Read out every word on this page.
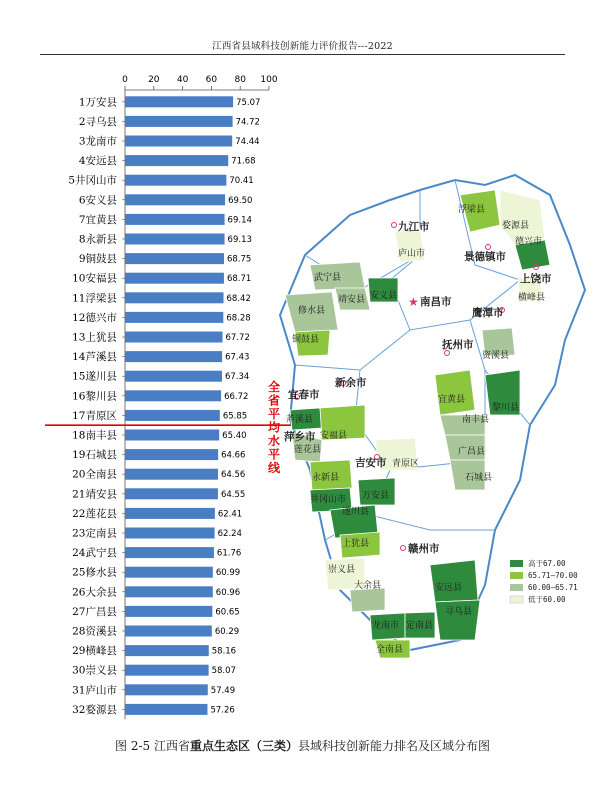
江西省县域科技创新能力评价报告---2022
0 20 40 60 80 100
1万安县	75.07
2寻乌县	74.72
3龙南市	74.44
4安远县	71.68
5井冈山市	70.41
6安义县	69.50
7宜黄县	69.14
8永新县	69.13
9铜鼓县	68.75
10安福县	68.71
11浮梁县	68.42
12德兴市	68.28
13上犹县	67.72
14芦溪县	67.43
15遂川县	67.34
16黎川县	66.72
17青原区	65.85
18南丰县	65.40
19石城县	64.66
20全南县	64.56
21靖安县	64.55
22莲花县	62.41
23定南县	62.24
24武宁县	61.76
25修水县	60.99
26大余县	60.96
27广昌县	60.65
28资溪县	60.29
29横峰县	58.16
30崇义县	58.07
31庐山市	57.49
32婺源县	57.26
全省平均水平线
★
九江市
景德镇市
上饶市
南昌市
鹰潭市
抚州市
新余市
宜春市
萍乡市
吉安市
赣州市
浮梁县
婺源县
德兴市
庐山市
横峰县
武宁县
靖安县 安义县
修水县
铜鼓县
资溪县
宜黄县
黎川县
南丰县
广昌县
石城县
芦溪县
安福县
莲花县
永新县
青原区
井冈山市 万安县
遂川县
上犹县
崇义县
大余县	安远县
寻乌县
龙南市 定南县
全南县
高于67.00
65.71–70.00
60.00–65.71
低于60.00
图 2-5 江西省重点生态区（三类）县域科技创新能力排名及区域分布图
